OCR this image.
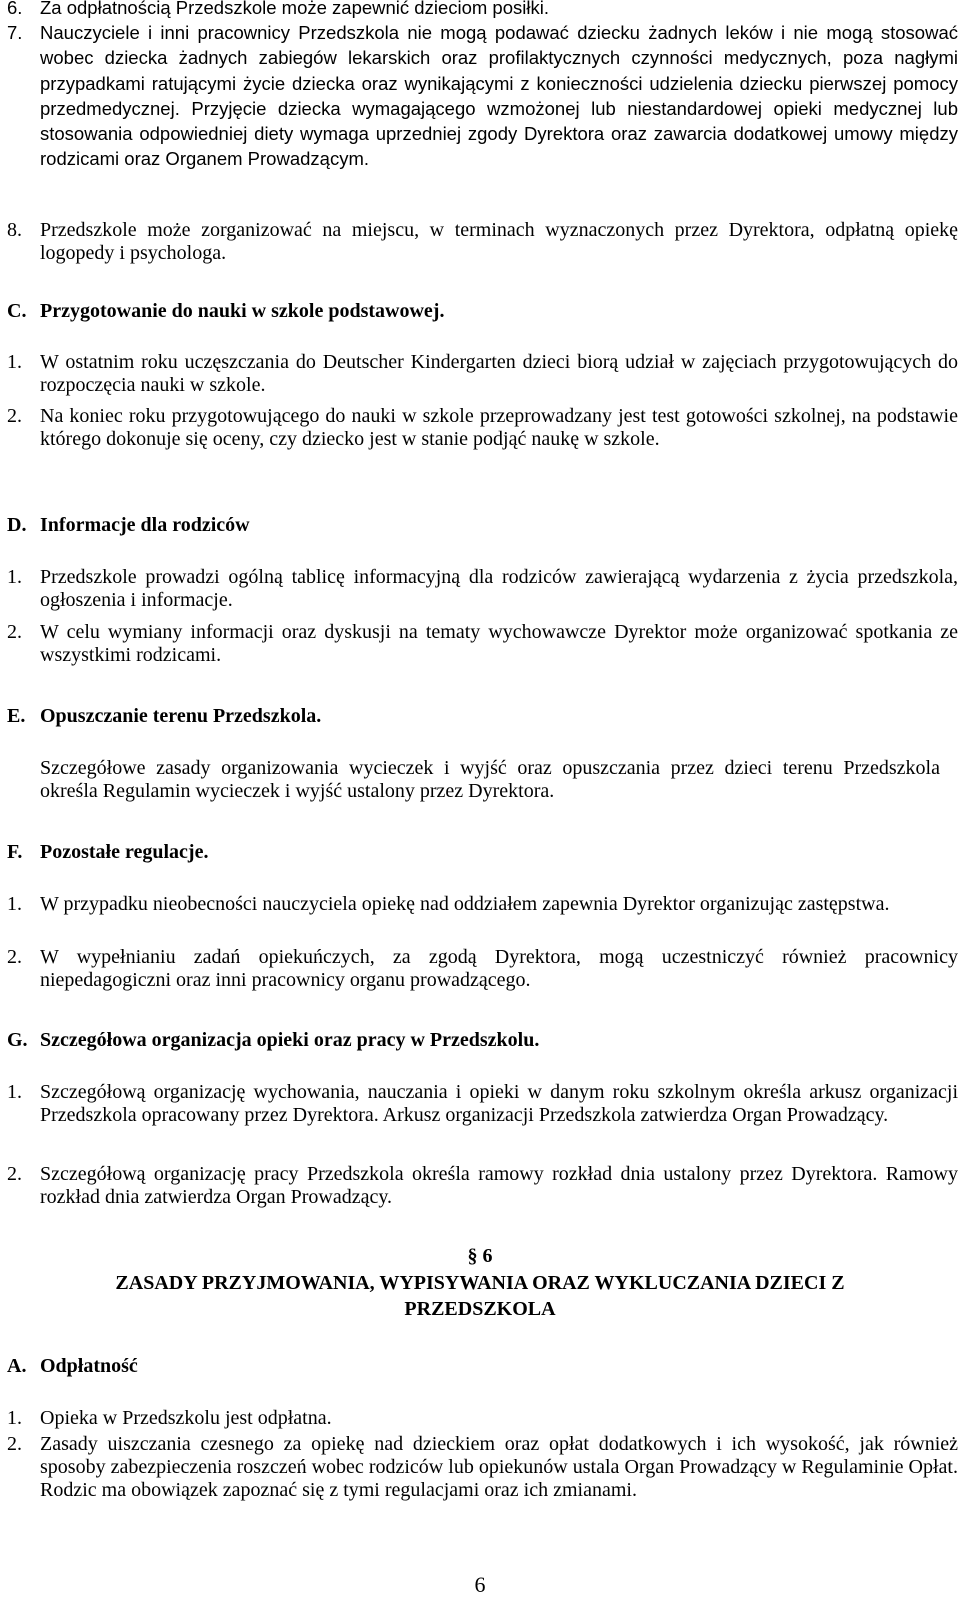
6. Za odpłatnością Przedszkole może zapewnić dzieciom posiłki.
7. Nauczyciele i inni pracownicy Przedszkola nie mogą podawać dziecku żadnych leków i nie mogą stosować wobec dziecka żadnych zabiegów lekarskich oraz profilaktycznych czynności medycznych, poza nagłymi przypadkami ratującymi życie dziecka oraz wynikającymi z konieczności udzielenia dziecku pierwszej pomocy przedmedycznej. Przyjęcie dziecka wymagającego wzmożonej lub niestandardowej opieki medycznej lub stosowania odpowiedniej diety wymaga uprzedniej zgody Dyrektora oraz zawarcia dodatkowej umowy między rodzicami oraz Organem Prowadzącym.
8. Przedszkole może zorganizować na miejscu, w terminach wyznaczonych przez Dyrektora, odpłatną opiekę logopedy i psychologa.
C. Przygotowanie do nauki w szkole podstawowej.
1. W ostatnim roku uczęszczania do Deutscher Kindergarten dzieci biorą udział w zajęciach przygotowujących do rozpoczęcia nauki w szkole.
2. Na koniec roku przygotowującego do nauki w szkole przeprowadzany jest test gotowości szkolnej, na podstawie którego dokonuje się oceny, czy dziecko jest w stanie podjąć naukę w szkole.
D. Informacje dla rodziców
1. Przedszkole prowadzi ogólną tablicę informacyjną dla rodziców zawierającą wydarzenia z życia przedszkola, ogłoszenia i informacje.
2. W celu wymiany informacji oraz dyskusji na tematy wychowawcze Dyrektor może organizować spotkania ze wszystkimi rodzicami.
E. Opuszczanie terenu Przedszkola.
Szczegółowe zasady organizowania wycieczek i wyjść oraz opuszczania przez dzieci terenu Przedszkola określa Regulamin wycieczek i wyjść ustalony przez Dyrektora.
F. Pozostałe regulacje.
1. W przypadku nieobecności nauczyciela opiekę nad oddziałem zapewnia Dyrektor organizując zastępstwa.
2. W wypełnianiu zadań opiekuńczych, za zgodą Dyrektora, mogą uczestniczyć również pracownicy niepedagogiczni oraz inni pracownicy organu prowadzącego.
G. Szczegółowa organizacja opieki oraz pracy w Przedszkolu.
1. Szczegółową organizację wychowania, nauczania i opieki w danym roku szkolnym określa arkusz organizacji Przedszkola opracowany przez Dyrektora. Arkusz organizacji Przedszkola zatwierdza Organ Prowadzący.
2. Szczegółową organizację pracy Przedszkola określa ramowy rozkład dnia ustalony przez Dyrektora. Ramowy rozkład dnia zatwierdza Organ Prowadzący.
§ 6
ZASADY PRZYJMOWANIA, WYPISYWANIA ORAZ WYKLUCZANIA DZIECI Z
PRZEDSZKOLA
A. Odpłatność
1. Opieka w Przedszkolu jest odpłatna.
2. Zasady uiszczania czesnego za opiekę nad dzieckiem oraz opłat dodatkowych i ich wysokość, jak również sposoby zabezpieczenia roszczeń wobec rodziców lub opiekunów ustala Organ Prowadzący w Regulaminie Opłat. Rodzic ma obowiązek zapoznać się z tymi regulacjami oraz ich zmianami.
6
